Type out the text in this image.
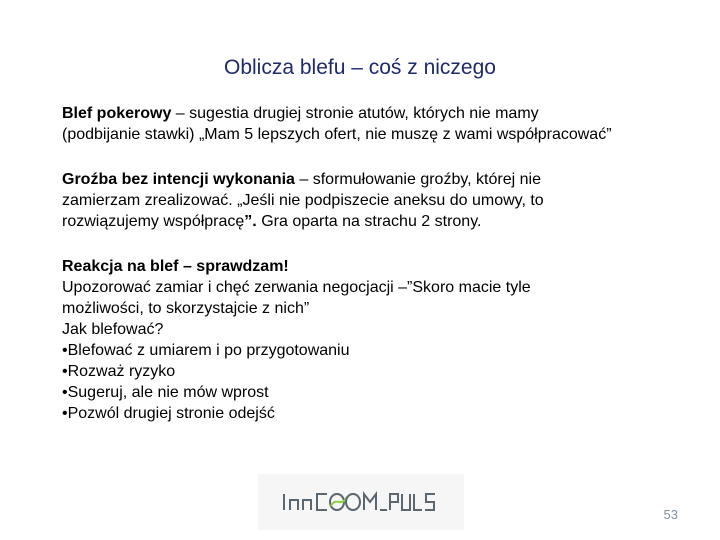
Oblicza blefu – coś z niczego

Blef pokerowy – sugestia drugiej stronie atutów, których nie mamy
(podbijanie stawki) „Mam 5 lepszych ofert, nie muszę z wami współpracować”

Groźba bez intencji wykonania – sformułowanie groźby, której nie
zamierzam zrealizować. „Jeśli nie podpiszecie aneksu do umowy, to
rozwiązujemy współpracę”. Gra oparta na strachu 2 strony.

Reakcja na blef – sprawdzam!
Upozorować zamiar i chęć zerwania negocjacji –”Skoro macie tyle
możliwości, to skorzystajcie z nich”
Jak blefować?
•Blefować z umiarem i po przygotowaniu
•Rozważ ryzyko
•Sugeruj, ale nie mów wprost
•Pozwól drugiej stronie odejść

53
